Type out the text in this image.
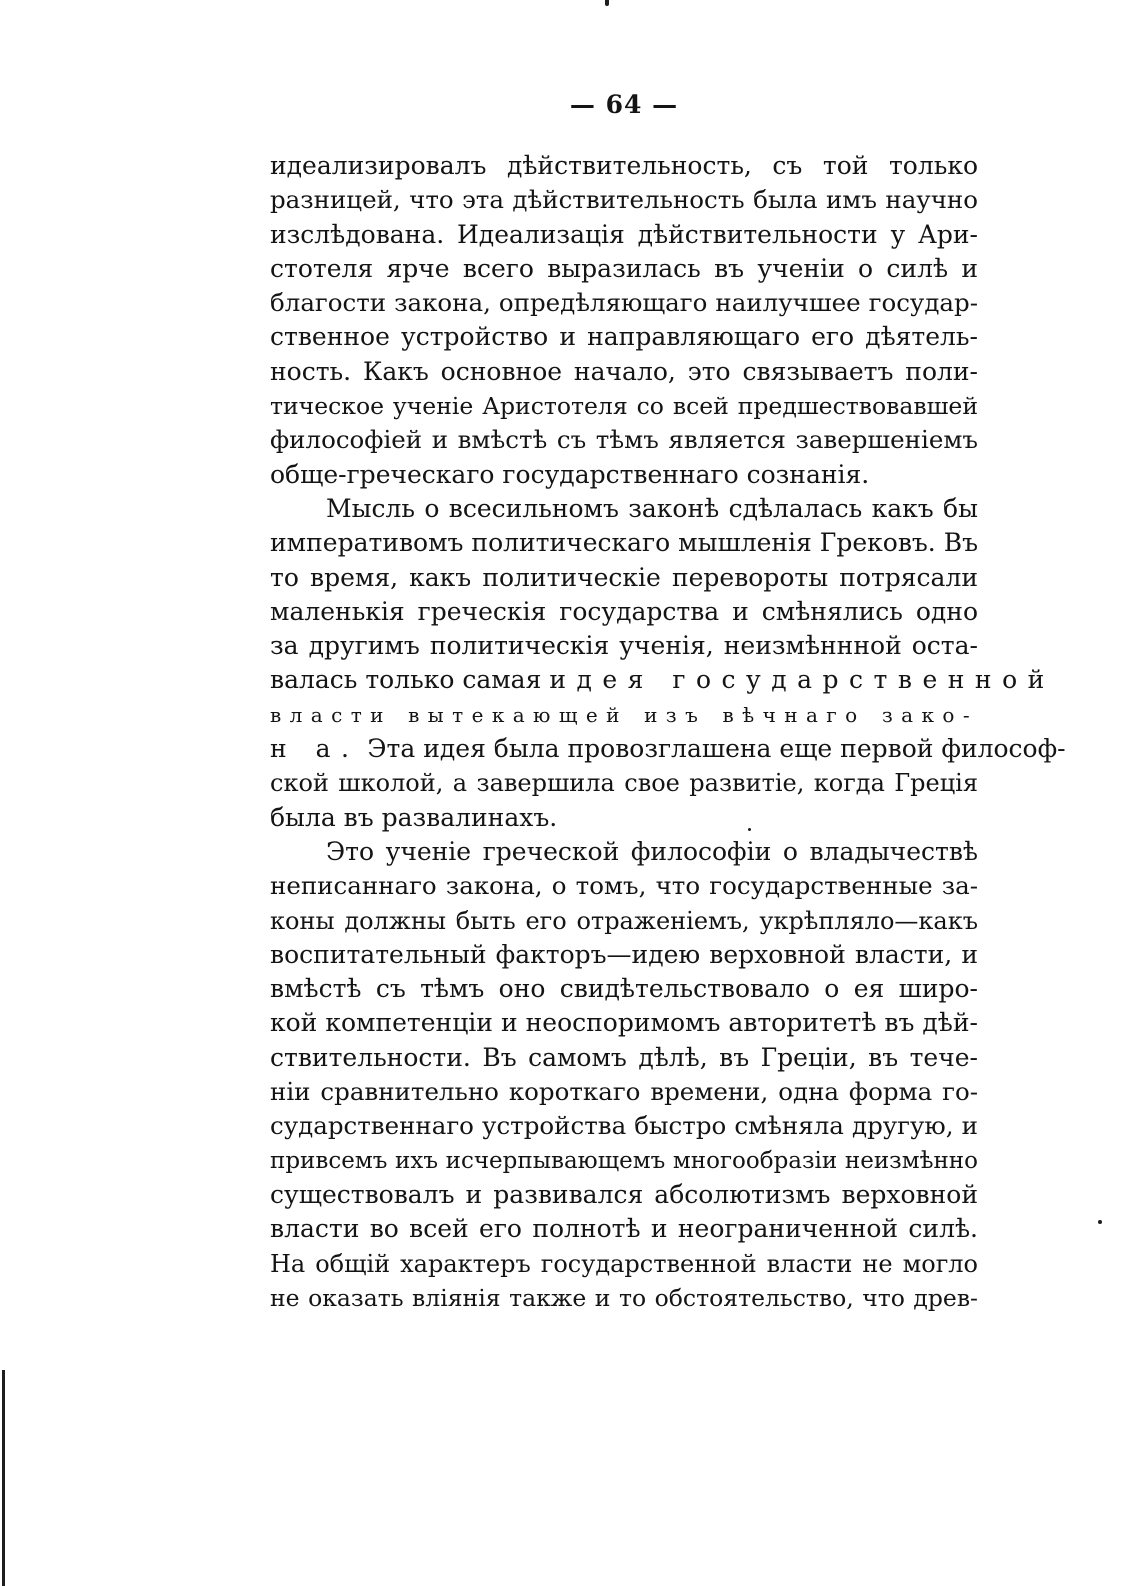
— 64 —
идеализировалъ дѣйствительность, съ той только
разницей, что эта дѣйствительность была имъ научно
изслѣдована. Идеализація дѣйствительности у Ари-
стотеля ярче всего выразилась въ ученіи о силѣ и
благости закона, опредѣляющаго наилучшее государ-
ственное устройство и направляющаго его дѣятель-
ность. Какъ основное начало, это связываетъ поли-
тическое ученіе Аристотеля со всей предшествовавшей
философiей и вмѣстѣ съ тѣмъ является завершенiемъ
обще-греческаго государственнаго сознанія.
Мысль о всесильномъ законѣ сдѣлалась какъ бы
императивомъ политическаго мышленія Грековъ. Въ
то время, какъ политическіе перевороты потрясали
маленькія греческія государства и смѣнялись одно
за другимъ политическія ученія, неизмѣннной оста-
валась только самая идея государственной
власти вытекающей изъ вѣчнаго зако-
н а. Эта идея была провозглашена еще первой философ-
ской школой, а завершила свое развитіе, когда Грецiя
была въ развалинахъ.
Это ученіе греческой философіи о владычествѣ
неписаннаго закона, о томъ, что государственные за-
коны должны быть его отраженіемъ, укрѣпляло—какъ
воспитательный факторъ—идею верховной власти, и
вмѣстѣ съ тѣмъ оно свидѣтельствовало о ея широ-
кой компетенціи и неоспоримомъ авторитетѣ въ дѣй-
ствительности. Въ самомъ дѣлѣ, въ Греціи, въ тече-
ніи сравнительно короткаго времени, одна форма го-
сударственнаго устройства быстро смѣняла другую, и
привсемъ ихъ исчерпывающемъ многообразіи неизмѣнно
существовалъ и развивался абсолютизмъ верховной
власти во всей его полнотѣ и неограниченной силѣ.
На общій характеръ государственной власти не могло
не оказать вліянія также и то обстоятельство, что древ-
